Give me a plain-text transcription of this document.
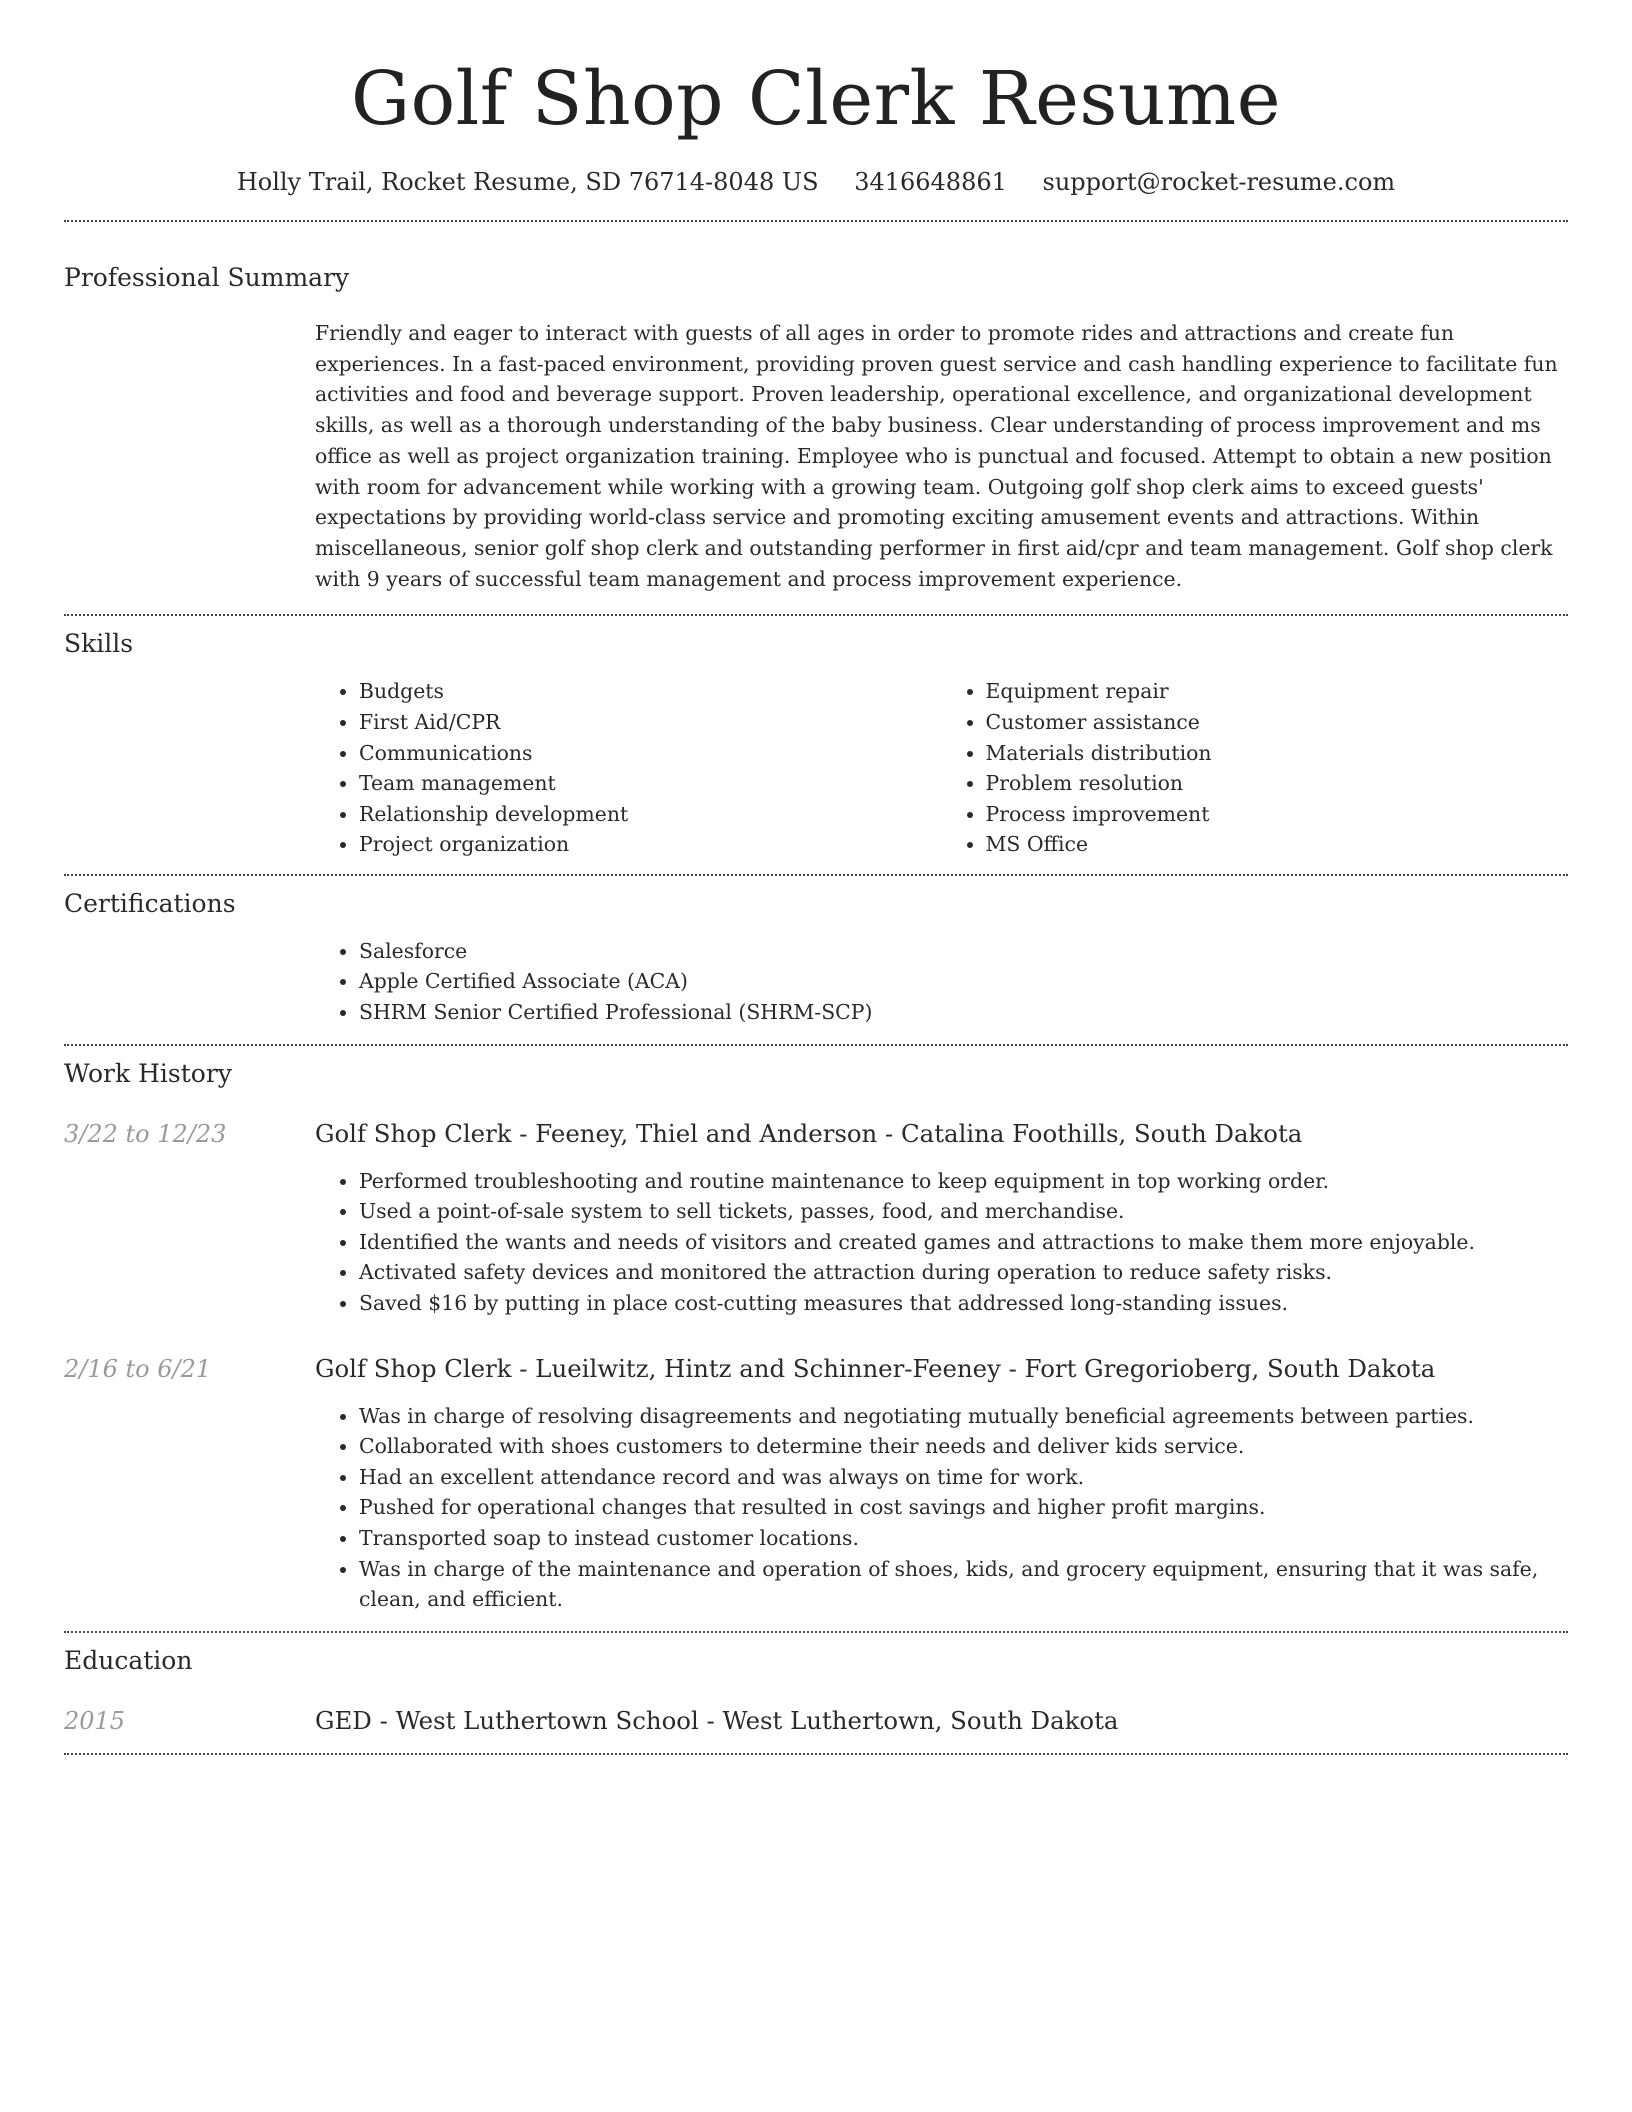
Golf Shop Clerk Resume
Holly Trail, Rocket Resume, SD 76714-8048 US 3416648861 support@rocket-resume.com
Professional Summary

Friendly and eager to interact with guests of all ages in order to promote rides and attractions and create fun experiences. In a fast-paced environment, providing proven guest service and cash handling experience to facilitate fun activities and food and beverage support. Proven leadership, operational excellence, and organizational development skills, as well as a thorough understanding of the baby business. Clear understanding of process improvement and ms office as well as project organization training. Employee who is punctual and focused. Attempt to obtain a new position with room for advancement while working with a growing team. Outgoing golf shop clerk aims to exceed guests' expectations by providing world-class service and promoting exciting amusement events and attractions. Within miscellaneous, senior golf shop clerk and outstanding performer in first aid/cpr and team management. Golf shop clerk with 9 years of successful team management and process improvement experience.

Skills
• Budgets
• First Aid/CPR
• Communications
• Team management
• Relationship development
• Project organization
• Equipment repair
• Customer assistance
• Materials distribution
• Problem resolution
• Process improvement
• MS Office
Certifications
• Salesforce
• Apple Certified Associate (ACA)
• SHRM Senior Certified Professional (SHRM-SCP)
Work History
3/22 to 12/23	Golf Shop Clerk - Feeney, Thiel and Anderson - Catalina Foothills, South Dakota
• Performed troubleshooting and routine maintenance to keep equipment in top working order.
• Used a point-of-sale system to sell tickets, passes, food, and merchandise.
• Identified the wants and needs of visitors and created games and attractions to make them more enjoyable.
• Activated safety devices and monitored the attraction during operation to reduce safety risks.
• Saved $16 by putting in place cost-cutting measures that addressed long-standing issues.
2/16 to 6/21	Golf Shop Clerk - Lueilwitz, Hintz and Schinner-Feeney - Fort Gregorioberg, South Dakota
• Was in charge of resolving disagreements and negotiating mutually beneficial agreements between parties.
• Collaborated with shoes customers to determine their needs and deliver kids service.
• Had an excellent attendance record and was always on time for work.
• Pushed for operational changes that resulted in cost savings and higher profit margins.
• Transported soap to instead customer locations.
• Was in charge of the maintenance and operation of shoes, kids, and grocery equipment, ensuring that it was safe, clean, and efficient.
Education
2015	GED - West Luthertown School - West Luthertown, South Dakota
